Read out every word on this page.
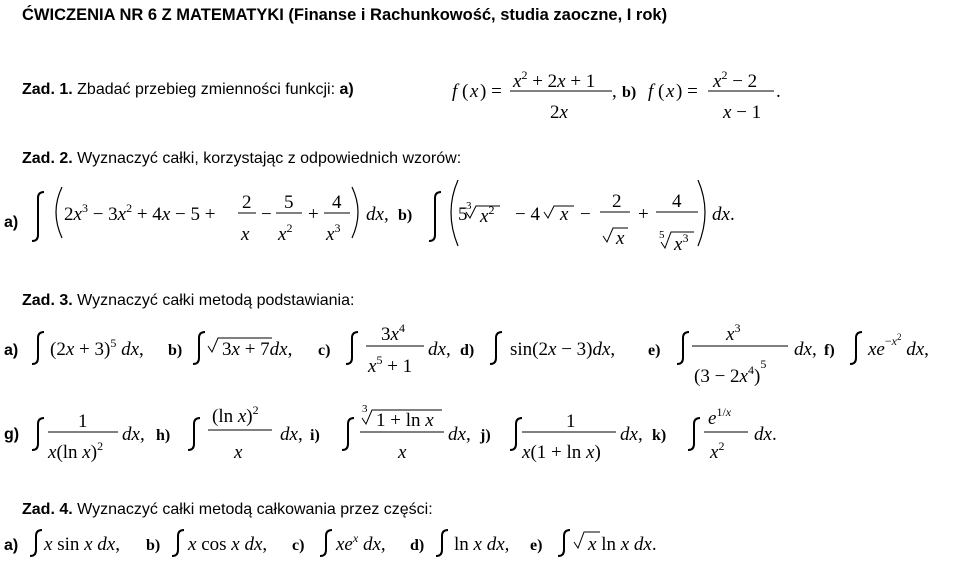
ĆWICZENIA NR 6 Z MATEMATYKI (Finanse i Rachunkowość, studia zaoczne, I rok)
Zad. 1. Zbadać przebieg zmienności funkcji: a)
Zad. 2. Wyznaczyć całki, korzystając z odpowiednich wzorów:
a)
Zad. 3. Wyznaczyć całki metodą podstawiania:
a)
g)
Zad. 4. Wyznaczyć całki metodą całkowania przez części:
a)
f ( x ) = $x^2 + 2x + 1$
2x
, b) f ( x ) = $x^2 - 2$
x − 1
.
$2x^3 - 3x^2 + 4x - 5$ +
2
x
−
5
$x^2$
+
4
$x^3$
dx, b) 5
3 $x^2 - 4$ x −
2
x
+
4
5 $x^3$
dx.
$(2x + 3)^5$ dx, b) 3x + 7dx, c)
$3x^4$
$x^5 + 1$
dx, d) sin(2x − 3)dx, e)
$x^3$
$(3 - 2x^4)^5$
dx, f) $xe^-x^2$ dx,
1
x(ln x)$^2$
dx, h)
(ln x)$^2$
x
dx, i)
3
1 + ln x
x
dx, j)
1
x(1 + ln x)
dx, k)
$e^{1/}x$
$x^2$
dx.
x sin x dx, b) x cos x dx, c) $xe^x$ dx, d) ln x dx, e) x ln x dx.
